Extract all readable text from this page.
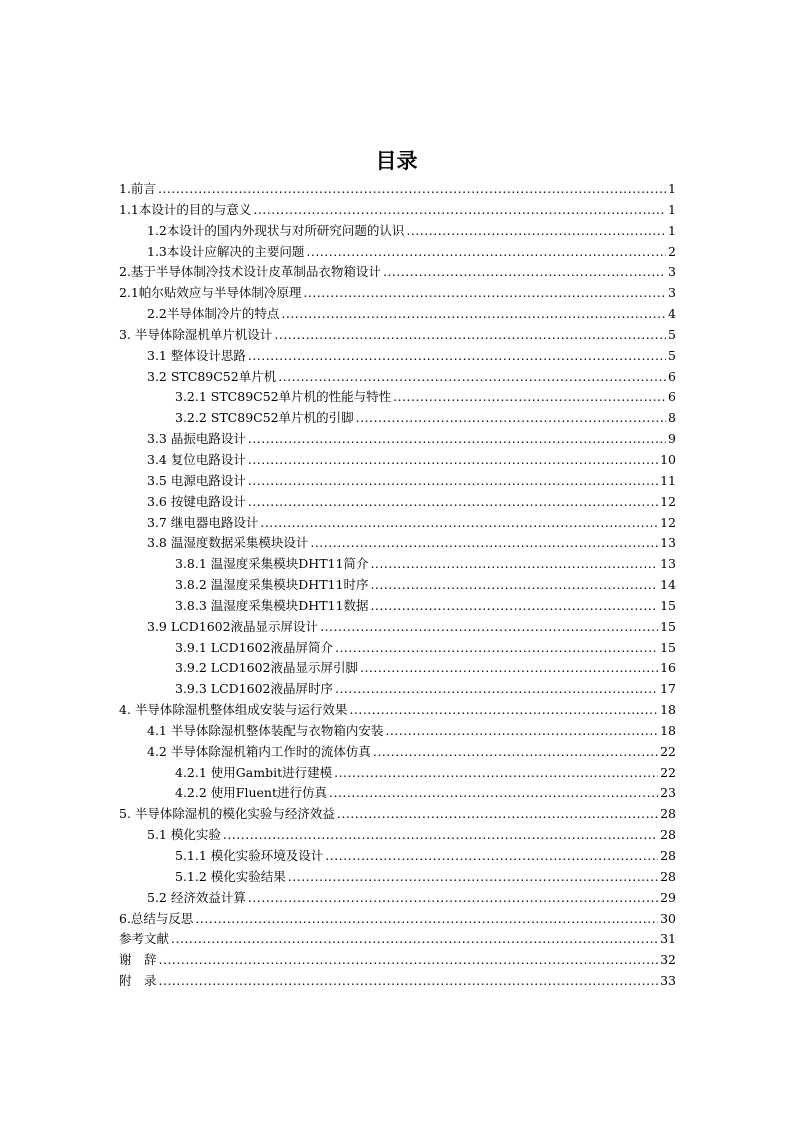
目录
1.前言 .....	1
1.1本设计的目的与意义 .....	1
1.2本设计的国内外现状与对所研究问题的认识 .....	1
1.3本设计应解决的主要问题 .....	2
2.基于半导体制冷技术设计皮革制品衣物箱设计 .....	3
2.1帕尔贴效应与半导体制冷原理 .....	3
2.2半导体制冷片的特点 .....	4
3. 半导体除湿机单片机设计 .....	5
3.1 整体设计思路 .....	5
3.2 STC89C52单片机 .....	6
3.2.1 STC89C52单片机的性能与特性 .....	6
3.2.2 STC89C52单片机的引脚 .....	8
3.3 晶振电路设计 .....	9
3.4 复位电路设计 .....	10
3.5 电源电路设计 .....	11
3.6 按键电路设计 .....	12
3.7 继电器电路设计 .....	12
3.8 温湿度数据采集模块设计 .....	13
3.8.1 温湿度采集模块DHT11简介 .....	13
3.8.2 温湿度采集模块DHT11时序 .....	14
3.8.3 温湿度采集模块DHT11数据 .....	15
3.9 LCD1602液晶显示屏设计 .....	15
3.9.1 LCD1602液晶屏简介 .....	15
3.9.2 LCD1602液晶显示屏引脚 .....	16
3.9.3 LCD1602液晶屏时序 .....	17
4. 半导体除湿机整体组成安装与运行效果 .....	18
4.1 半导体除湿机整体装配与衣物箱内安装 .....	18
4.2 半导体除湿机箱内工作时的流体仿真 .....	22
4.2.1 使用Gambit进行建模 .....	22
4.2.2 使用Fluent进行仿真 .....	23
5. 半导体除湿机的模化实验与经济效益 .....	28
5.1 模化实验 .....	28
5.1.1 模化实验环境及设计 .....	28
5.1.2 模化实验结果 .....	28
5.2 经济效益计算 .....	29
6.总结与反思 .....	30
参考文献 .....	31
谢　辞 .....	32
附　录 .....	33
